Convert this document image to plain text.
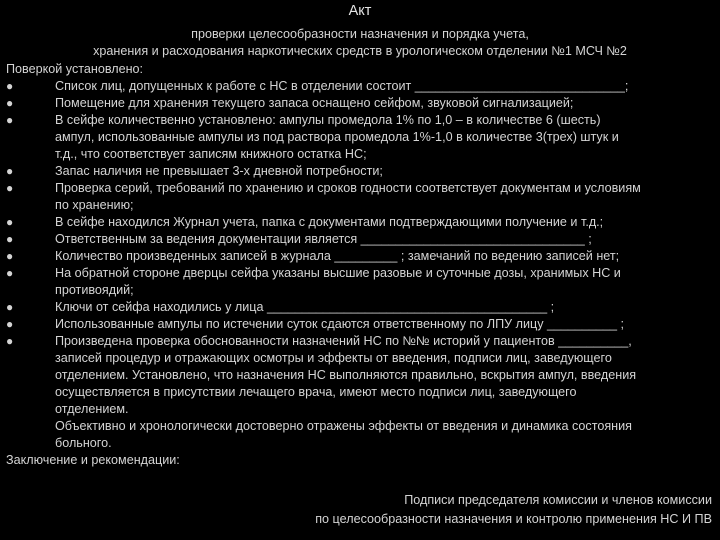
Акт
проверки целесообразности назначения и порядка учета,
хранения и расходования наркотических средств в урологическом отделении №1 МСЧ №2
Поверкой установлено:
●	Список лиц, допущенных к работе с НС в отделении состоит ______________________________;
●	Помещение для хранения текущего запаса оснащено сейфом, звуковой сигнализацией;
●	В сейфе количественно установлено: ампулы промедола 1% по 1,0 – в количестве 6 (шесть)
ампул, использованные ампулы из под раствора промедола 1%-1,0 в количестве 3(трех) штук и
т.д., что соответствует записям книжного остатка НС;
●	Запас наличия не превышает 3-х дневной потребности;
●	Проверка серий, требований по хранению и сроков годности соответствует документам и условиям
по хранению;
●	В сейфе находился Журнал учета, папка с документами подтверждающими получение и т.д.;
●	Ответственным за ведения документации является ________________________________ ;
●	Количество произведенных записей в журнала _________ ; замечаний по ведению записей нет;
●	На обратной стороне дверцы сейфа указаны высшие разовые и суточные дозы, хранимых НС и
противоядий;
●	Ключи от сейфа находились у лица ________________________________________ ;
●	Использованные ампулы по истечении суток сдаются ответственному по ЛПУ лицу __________ ;
●	Произведена проверка обоснованности назначений НС по №№ историй у пациентов __________,
записей процедур и отражающих осмотры и эффекты от введения, подписи лиц, заведующего
отделением. Установлено, что назначения НС выполняются правильно, вскрытия ампул, введения
осуществляется в присутствии лечащего врача, имеют место подписи лиц, заведующего
отделением.
Объективно и хронологически достоверно отражены эффекты от введения и динамика состояния
больного.
Заключение и рекомендации:
Подписи председателя комиссии и членов комиссии
по целесообразности назначения и контролю применения НС И ПВ
